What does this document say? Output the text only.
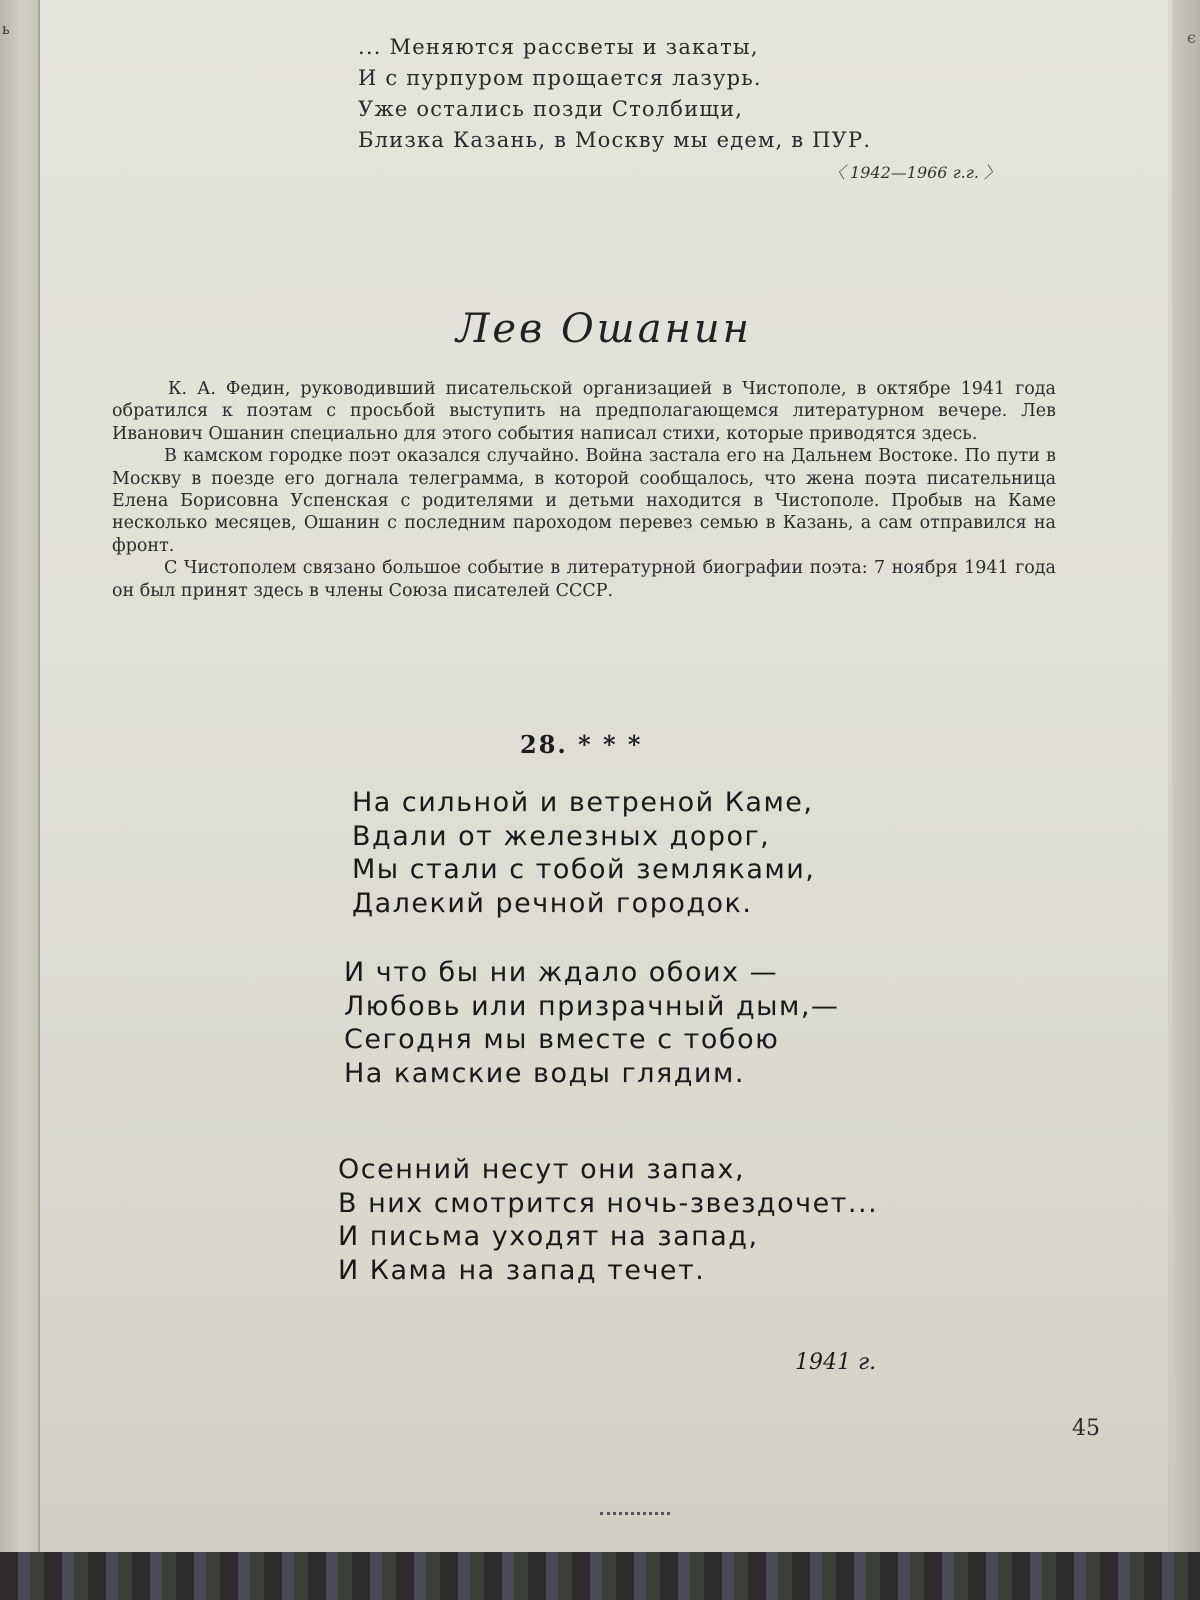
ь
... Меняются рассветы и закаты,
И с пурпуром прощается лазурь.
Уже остались позди Столбищи,
Близка Казань, в Москву мы едем, в ПУР.
〈 1942—1966 г.г. 〉
Лев Ошанин

К. А. Федин, руководивший писательской организацией в Чистополе, в октябре 1941 года обратился к поэтам с просьбой выступить на предполагающемся литературном вечере. Лев Иванович Ошанин специально для этого события написал стихи, которые приводятся здесь.

В камском городке поэт оказался случайно. Война застала его на Дальнем Востоке. По пути в Москву в поезде его догнала телеграмма, в которой сообщалось, что жена поэта писательница Елена Борисовна Успенская с родителями и детьми находится в Чистополе. Пробыв на Каме несколько месяцев, Ошанин с последним пароходом перевез семью в Казань, а сам отправился на фронт.

С Чистополем связано большое событие в литературной биографии поэта: 7 ноября 1941 года он был принят здесь в члены Союза писателей СССР.

28. * * *
На сильной и ветреной Каме,
Вдали от железных дорог,
Мы стали с тобой земляками,
Далекий речной городок.
И что бы ни ждало обоих —
Любовь или призрачный дым,—
Сегодня мы вместе с тобою
На камские воды глядим.
Осенний несут они запах,
В них смотрится ночь-звездочет...
И письма уходят на запад,
И Кама на запад течет.
1941 г.
45
є
